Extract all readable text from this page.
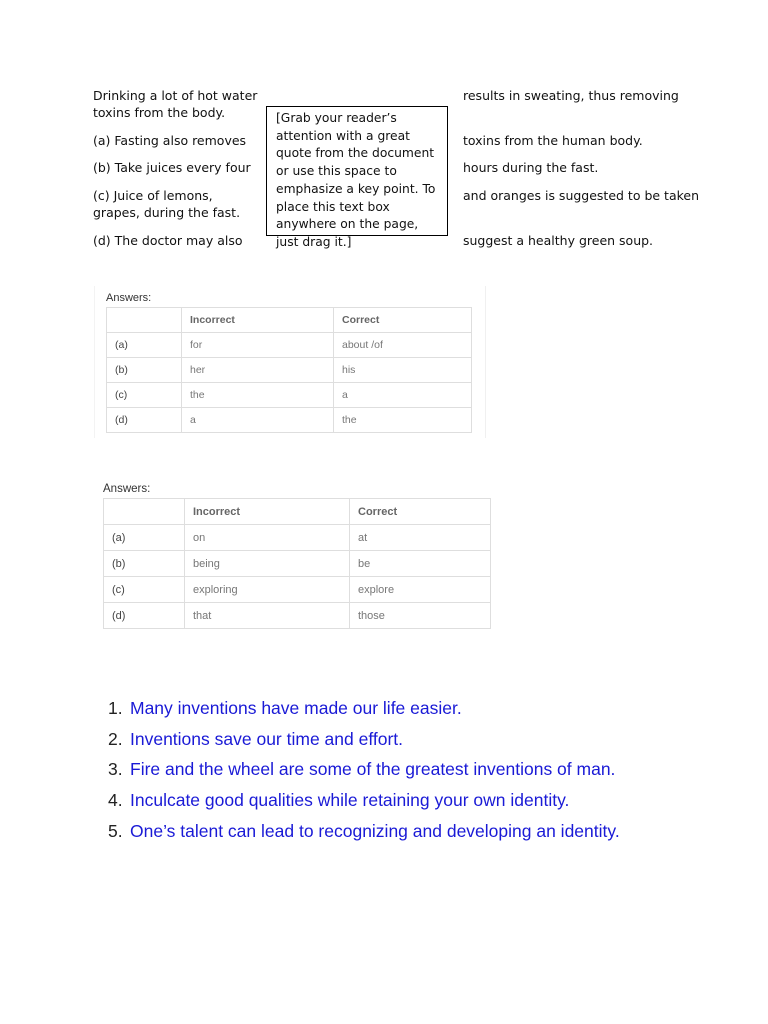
Drinking a lot of hot water toxins from the body.
(a) Fasting also removes
(b) Take juices every four
(c) Juice of lemons, grapes, during the fast.
(d) The doctor may also
results in sweating, thus removing
toxins from the human body.
hours during the fast.
and oranges is suggested to be taken
suggest a healthy green soup.
[Grab your reader’s attention with a great quote from the document or use this space to emphasize a key point. To place this text box anywhere on the page, just drag it.]
Answers:
	Incorrect	Correct
(a)	for	about /of
(b)	her	his
(c)	the	a
(d)	a	the
Answers:
	Incorrect	Correct
(a)	on	at
(b)	being	be
(c)	exploring	explore
(d)	that	those
1. Many inventions have made our life easier.
2. Inventions save our time and effort.
3. Fire and the wheel are some of the greatest inventions of man.
4. Inculcate good qualities while retaining your own identity.
5. One’s talent can lead to recognizing and developing an identity.
